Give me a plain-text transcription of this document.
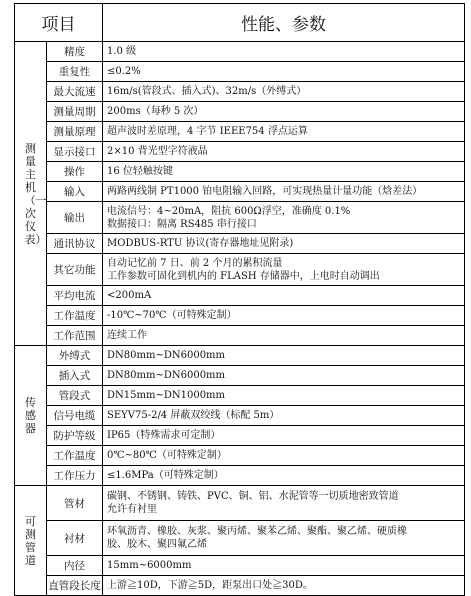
项目		性能、参数
测量主机（一次仪表）	精度	1.0 级

	重复性	≤0.2%

	最大流速	16m/s(管段式、插入式)、32m/s（外缚式）

	测量周期	200ms（每秒 5 次）

	测量原理	超声波时差原理，4 字节 IEEE754 浮点运算

	显示接口	2×10 背光型字符液晶

	操作	16 位轻触按键

	输入	两路两线制 PT1000 铂电阻输入回路，可实现热量计量功能（焓差法）

	输出	电流信号：4~20mA，阻抗 600Ω浮空，准确度 0.1%
数据接口：隔离 RS485 串行接口

	通讯协议	MODBUS-RTU 协议(寄存器地址见附录)

	其它功能	自动记忆前 7 日、前 2 个月的累积流量
工作参数可固化到机内的 FLASH 存储器中，上电时自动调出

	平均电流	<200mA

	工作温度	-10℃~70℃（可特殊定制）

	工作范围	连续工作

传感器	外缚式	DN80mm~DN6000mm

	插入式	DN80mm~DN6000mm

	管段式	DN15mm~DN1000mm

	信号电缆	SEYV75-2/4 屏蔽双绞线（标配 5m）

	防护等级	IP65（特殊需求可定制）

	工作温度	0℃~80℃（可特殊定制）

	工作压力	≤1.6MPa（可特殊定制）

可测管道	管材	碳钢、不锈钢、铸铁、PVC、铜、铝、水泥管等一切质地密致管道
允许有衬里

	衬材	环氧沥青、橡胶、灰浆、聚丙烯、聚苯乙烯、聚酯、聚乙烯、硬质橡
胶、胶木、聚四氟乙烯

	内径	15mm~6000mm

	直管段长度	上游≧10D，下游≧5D，距泵出口处≧30D。
